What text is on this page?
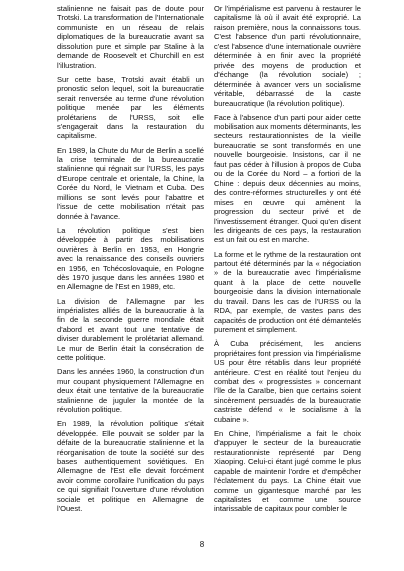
stalinienne ne faisait pas de doute pour Trotski. La transformation de l'Internationale communiste en un réseau de relais diplomatiques de la bureaucratie avant sa dissolution pure et simple par Staline à la demande de Roosevelt et Churchill en est l'illustration.

Sur cette base, Trotski avait établi un pronostic selon lequel, soit la bureaucratie serait renversée au terme d'une révolution politique menée par les éléments prolétariens de l'URSS, soit elle s'engagerait dans la restauration du capitalisme.

En 1989, la Chute du Mur de Berlin a scellé la crise terminale de la bureaucratie stalinienne qui régnait sur l'URSS, les pays d'Europe centrale et orientale, la Chine, la Corée du Nord, le Vietnam et Cuba. Des millions se sont levés pour l'abattre et l'issue de cette mobilisation n'était pas donnée à l'avance.

La révolution politique s'est bien développée à partir des mobilisations ouvrières à Berlin en 1953, en Hongrie avec la renaissance des conseils ouvriers en 1956, en Tchécoslovaquie, en Pologne dès 1970 jusque dans les années 1980 et en Allemagne de l'Est en 1989, etc.

La division de l'Allemagne par les impérialistes alliés de la bureaucratie à la fin de la seconde guerre mondiale était d'abord et avant tout une tentative de diviser durablement le prolétariat allemand. Le mur de Berlin était la consécration de cette politique.

Dans les années 1960, la construction d'un mur coupant physiquement l'Allemagne en deux était une tentative de la bureaucratie stalinienne de juguler la montée de la révolution politique.

En 1989, la révolution politique s'était développée. Elle pouvait se solder par la défaite de la bureaucratie stalinienne et la réorganisation de toute la société sur des bases authentiquement soviétiques. En Allemagne de l'Est elle devait forcément avoir comme corollaire l'unification du pays ce qui signifiait l'ouverture d'une révolution sociale et politique en Allemagne de l'Ouest.

Or l'impérialisme est parvenu à restaurer le capitalisme là où il avait été exproprié. La raison première, nous la connaissons tous. C'est l'absence d'un parti révolutionnaire, c'est l'absence d'une internationale ouvrière déterminée à en finir avec la propriété privée des moyens de production et d'échange (la révolution sociale) ; déterminée à avancer vers un socialisme véritable, débarrassé de la caste bureaucratique (la révolution politique).

Face à l'absence d'un parti pour aider cette mobilisation aux moments déterminants, les secteurs restaurationnistes de la vieille bureaucratie se sont transformés en une nouvelle bourgeoisie. Insistons, car il ne faut pas céder à l'illusion à propos de Cuba ou de la Corée du Nord – a fortiori de la Chine : depuis deux décennies au moins, des contre-réformes structurelles y ont été mises en œuvre qui amènent la progression du secteur privé et de l'investissement étranger. Quoi qu'en disent les dirigeants de ces pays, la restauration est un fait ou est en marche.

La forme et le rythme de la restauration ont partout été déterminés par la « négociation » de la bureaucratie avec l'impérialisme quant à la place de cette nouvelle bourgeoisie dans la division internationale du travail. Dans les cas de l'URSS ou la RDA, par exemple, de vastes pans des capacités de production ont été démantelés purement et simplement.

À Cuba précisément, les anciens propriétaires font pression via l'impérialisme US pour être rétablis dans leur propriété antérieure. C'est en réalité tout l'enjeu du combat des « progressistes » concernant l'île de la Caraïbe, bien que certains soient sincèrement persuadés de la bureaucratie castriste défend « le socialisme à la cubaine ».

En Chine, l'impérialisme a fait le choix d'appuyer le secteur de la bureaucratie restaurationniste représenté par Deng Xiaoping. Celui-ci étant jugé comme le plus capable de maintenir l'ordre et d'empêcher l'éclatement du pays. La Chine était vue comme un gigantesque marché par les capitalistes et comme une source intarissable de capitaux pour combler le

8
